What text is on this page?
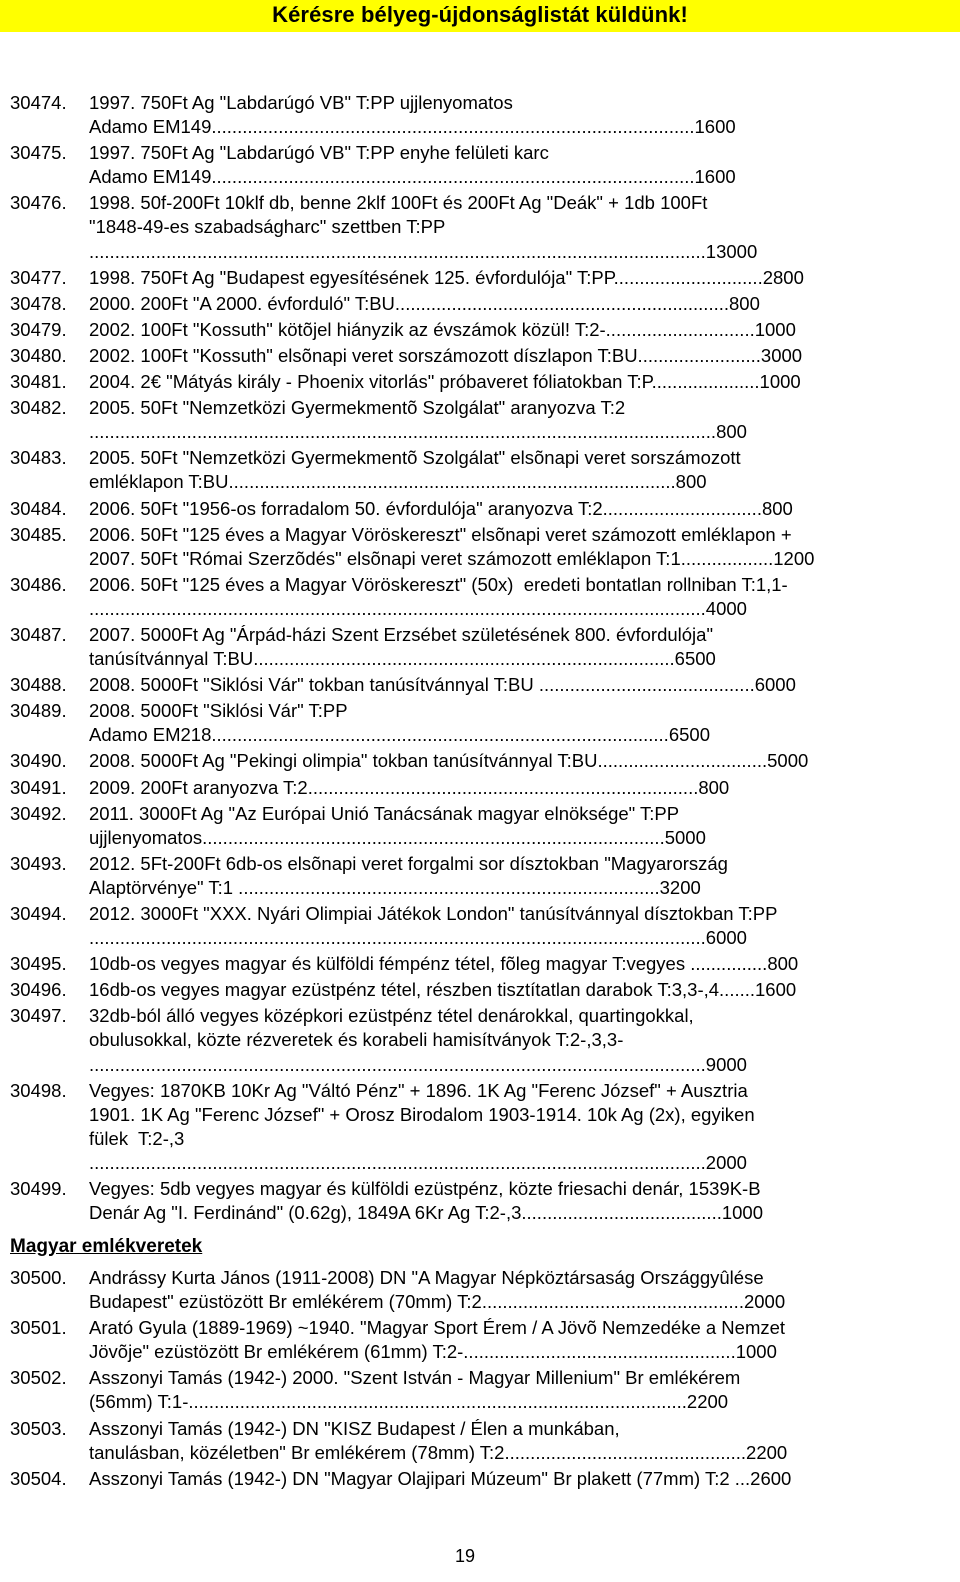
Kérésre bélyeg-újdonságlistát küldünk!
30474.	1997. 750Ft Ag "Labdarúgó VB" T:PP ujjlenyomatos
Adamo EM149..............................................................................................1600
30475.	1997. 750Ft Ag "Labdarúgó VB" T:PP enyhe felületi karc
Adamo EM149..............................................................................................1600
30476.	1998. 50f-200Ft 10klf db, benne 2klf 100Ft és 200Ft Ag "Deák" + 1db 100Ft
"1848-49-es szabadságharc" szettben T:PP
........................................................................................................................13000
30477.	1998. 750Ft Ag "Budapest egyesítésének 125. évfordulója" T:PP.............................2800
30478.	2000. 200Ft "A 2000. évforduló" T:BU.................................................................800
30479.	2002. 100Ft "Kossuth" kötõjel hiányzik az évszámok közül! T:2-.............................1000
30480.	2002. 100Ft "Kossuth" elsõnapi veret sorszámozott díszlapon T:BU........................3000
30481.	2004. 2€ "Mátyás király - Phoenix vitorlás" próbaveret fóliatokban T:P.....................1000
30482.	2005. 50Ft "Nemzetközi Gyermekmentõ Szolgálat" aranyozva T:2
..........................................................................................................................800
30483.	2005. 50Ft "Nemzetközi Gyermekmentõ Szolgálat" elsõnapi veret sorszámozott
emléklapon T:BU.......................................................................................800
30484.	2006. 50Ft "1956-os forradalom 50. évfordulója" aranyozva T:2...............................800
30485.	2006. 50Ft "125 éves a Magyar Vöröskereszt" elsõnapi veret számozott emléklapon +
2007. 50Ft "Római Szerzõdés" elsõnapi veret számozott emléklapon T:1..................1200
30486.	2006. 50Ft "125 éves a Magyar Vöröskereszt" (50x)  eredeti bontatlan rollniban T:1,1-
........................................................................................................................4000
30487.	2007. 5000Ft Ag "Árpád-házi Szent Erzsébet születésének 800. évfordulója"
tanúsítvánnyal T:BU..................................................................................6500
30488.	2008. 5000Ft "Siklósi Vár" tokban tanúsítvánnyal T:BU ..........................................6000
30489.	2008. 5000Ft "Siklósi Vár" T:PP
Adamo EM218.........................................................................................6500
30490.	2008. 5000Ft Ag "Pekingi olimpia" tokban tanúsítvánnyal T:BU.................................5000
30491.	2009. 200Ft aranyozva T:2............................................................................800
30492.	2011. 3000Ft Ag "Az Európai Unió Tanácsának magyar elnöksége" T:PP
ujjlenyomatos..........................................................................................5000
30493.	2012. 5Ft-200Ft 6db-os elsõnapi veret forgalmi sor dísztokban "Magyarország
Alaptörvénye" T:1 ..................................................................................3200
30494.	2012. 3000Ft "XXX. Nyári Olimpiai Játékok London" tanúsítvánnyal dísztokban T:PP
........................................................................................................................6000
30495.	10db-os vegyes magyar és külföldi fémpénz tétel, fõleg magyar T:vegyes ...............800
30496.	16db-os vegyes magyar ezüstpénz tétel, részben tisztítatlan darabok T:3,3-,4.......1600
30497.	32db-ból álló vegyes középkori ezüstpénz tétel denárokkal, quartingokkal,
obulusokkal, közte rézveretek és korabeli hamisítványok T:2-,3,3-
........................................................................................................................9000
30498.	Vegyes: 1870KB 10Kr Ag "Váltó Pénz" + 1896. 1K Ag "Ferenc József" + Ausztria
1901. 1K Ag "Ferenc József" + Orosz Birodalom 1903-1914. 10k Ag (2x), egyiken
fülek  T:2-,3
........................................................................................................................2000
30499.	Vegyes: 5db vegyes magyar és külföldi ezüstpénz, közte friesachi denár, 1539K-B
Denár Ag "I. Ferdinánd" (0.62g), 1849A 6Kr Ag T:2-,3.......................................1000
Magyar emlékveretek
30500.	Andrássy Kurta János (1911-2008) DN "A Magyar Népköztársaság Országgyûlése
Budapest" ezüstözött Br emlékérem (70mm) T:2...................................................2000
30501.	Arató Gyula (1889-1969) ~1940. "Magyar Sport Érem / A Jövõ Nemzedéke a Nemzet
Jövõje" ezüstözött Br emlékérem (61mm) T:2-.....................................................1000
30502.	Asszonyi Tamás (1942-) 2000. "Szent István - Magyar Millenium" Br emlékérem
(56mm) T:1-.................................................................................................2200
30503.	Asszonyi Tamás (1942-) DN "KISZ Budapest / Élen a munkában,
tanulásban, közéletben" Br emlékérem (78mm) T:2...............................................2200
30504.	Asszonyi Tamás (1942-) DN "Magyar Olajipari Múzeum" Br plakett (77mm) T:2 ...2600
19
